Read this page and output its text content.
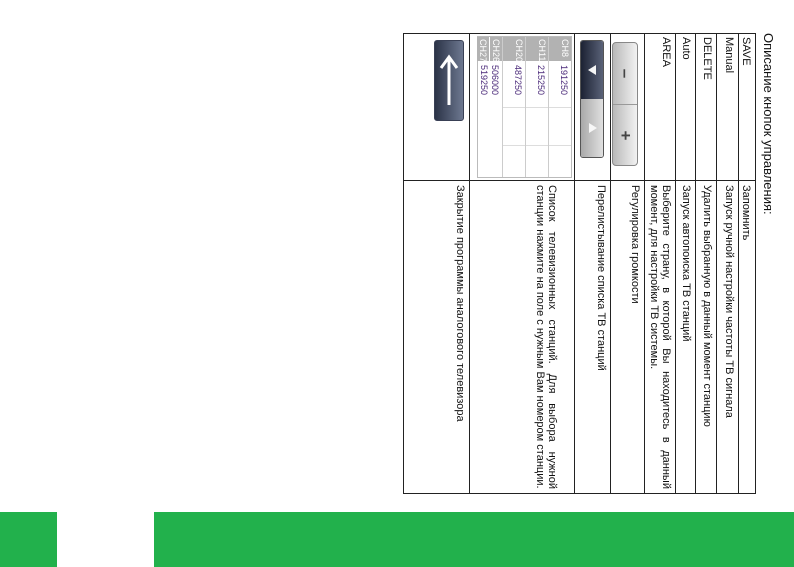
Описание кнопок управления:
SAVE
Запомнить
Manual
Запуск ручной настройки частоты ТВ сигнала
DELETE
Удалить выбранную в данный момент станцию
Auto
Запуск автопоиска ТВ станций
AREA
Выберите страну, в которой Вы находитесь в данный момент, для настройки ТВ системы.
–
+
Регулировка громкости
Перелистывание списка ТВ станций
CH8
191250
CH11
215250
CH20
487250
CH26
506000
CH27
519250
Список телевизионных станций. Для выбора нужной станции нажмите на поле с нужным Вам номером станции.
Закрытие программы аналогового телевизора
